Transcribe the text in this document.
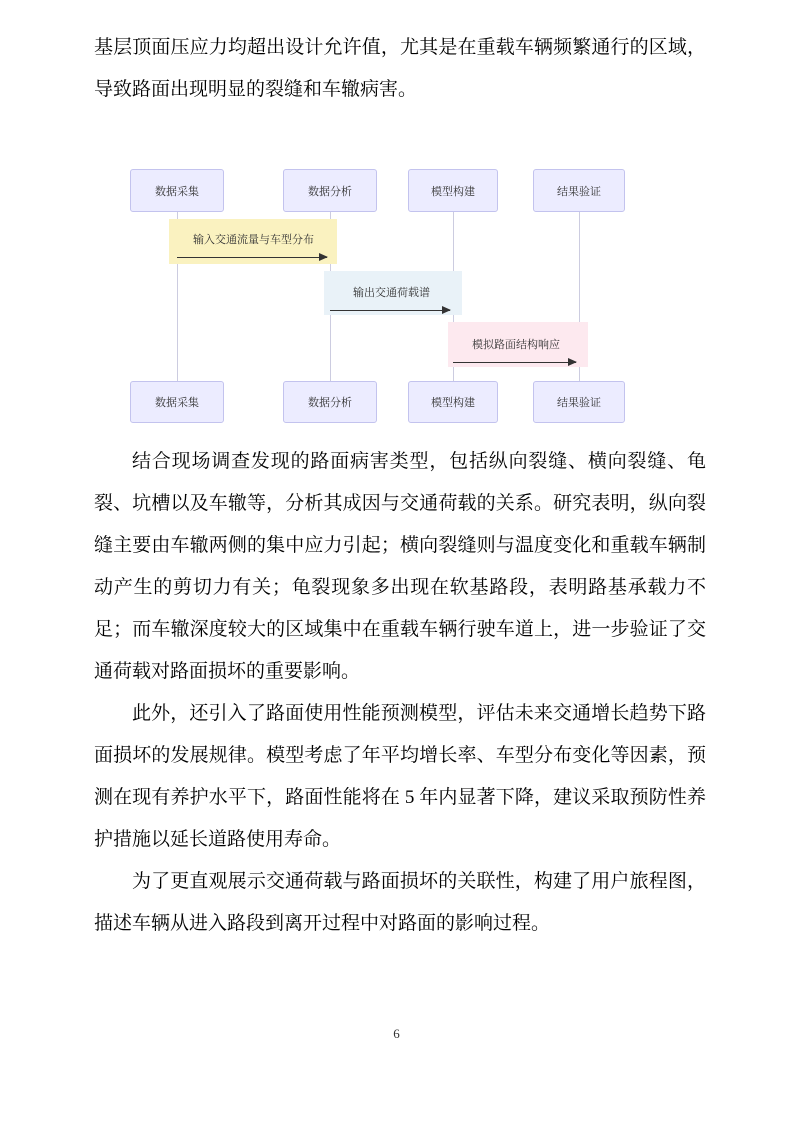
基层顶面压应力均超出设计允许值，尤其是在重载车辆频繁通行的区域，导致路面出现明显的裂缝和车辙病害。

数据采集	数据分析	模型构建	结果验证
输入交通流量与车型分布
输出交通荷载谱
模拟路面结构响应
数据采集	数据分析	模型构建	结果验证

结合现场调查发现的路面病害类型，包括纵向裂缝、横向裂缝、龟裂、坑槽以及车辙等，分析其成因与交通荷载的关系。研究表明，纵向裂缝主要由车辙两侧的集中应力引起；横向裂缝则与温度变化和重载车辆制动产生的剪切力有关；龟裂现象多出现在软基路段，表明路基承载力不足；而车辙深度较大的区域集中在重载车辆行驶车道上，进一步验证了交通荷载对路面损坏的重要影响。

此外，还引入了路面使用性能预测模型，评估未来交通增长趋势下路面损坏的发展规律。模型考虑了年平均增长率、车型分布变化等因素，预测在现有养护水平下，路面性能将在 5 年内显著下降，建议采取预防性养护措施以延长道路使用寿命。

为了更直观展示交通荷载与路面损坏的关联性，构建了用户旅程图，描述车辆从进入路段到离开过程中对路面的影响过程。

6
